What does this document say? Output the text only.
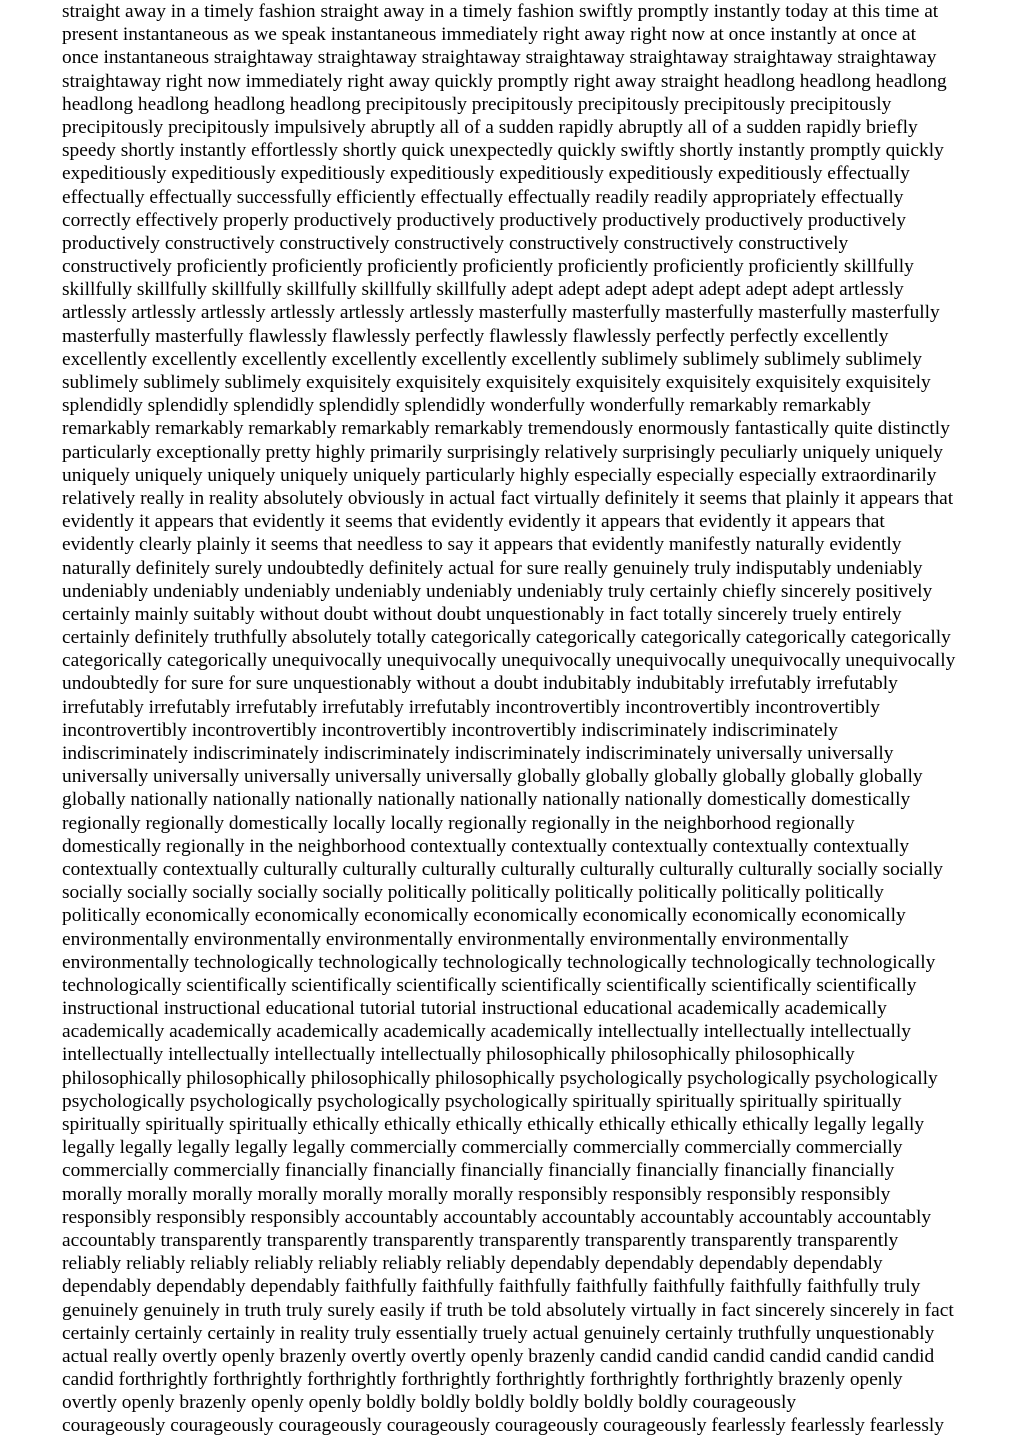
straight away in a timely fashion straight away in a timely fashion swiftly promptly instantly today at this time at
present instantaneous as we speak instantaneous immediately right away right now at once instantly at once at
once instantaneous straightaway straightaway straightaway straightaway straightaway straightaway straightaway
straightaway right now immediately right away quickly promptly right away straight headlong headlong headlong
headlong headlong headlong headlong precipitously precipitously precipitously precipitously precipitously
precipitously precipitously impulsively abruptly all of a sudden rapidly abruptly all of a sudden rapidly briefly
speedy shortly instantly effortlessly shortly quick unexpectedly quickly swiftly shortly instantly promptly quickly
expeditiously expeditiously expeditiously expeditiously expeditiously expeditiously expeditiously effectually
effectually effectually successfully efficiently effectually effectually readily readily appropriately effectually
correctly effectively properly productively productively productively productively productively productively
productively constructively constructively constructively constructively constructively constructively
constructively proficiently proficiently proficiently proficiently proficiently proficiently proficiently skillfully
skillfully skillfully skillfully skillfully skillfully skillfully adept adept adept adept adept adept adept artlessly
artlessly artlessly artlessly artlessly artlessly artlessly masterfully masterfully masterfully masterfully masterfully
masterfully masterfully flawlessly flawlessly perfectly flawlessly flawlessly perfectly perfectly excellently
excellently excellently excellently excellently excellently excellently sublimely sublimely sublimely sublimely
sublimely sublimely sublimely exquisitely exquisitely exquisitely exquisitely exquisitely exquisitely exquisitely
splendidly splendidly splendidly splendidly splendidly wonderfully wonderfully remarkably remarkably
remarkably remarkably remarkably remarkably remarkably tremendously enormously fantastically quite distinctly
particularly exceptionally pretty highly primarily surprisingly relatively surprisingly peculiarly uniquely uniquely
uniquely uniquely uniquely uniquely uniquely particularly highly especially especially especially extraordinarily
relatively really in reality absolutely obviously in actual fact virtually definitely it seems that plainly it appears that
evidently it appears that evidently it seems that evidently evidently it appears that evidently it appears that
evidently clearly plainly it seems that needless to say it appears that evidently manifestly naturally evidently
naturally definitely surely undoubtedly definitely actual for sure really genuinely truly indisputably undeniably
undeniably undeniably undeniably undeniably undeniably undeniably truly certainly chiefly sincerely positively
certainly mainly suitably without doubt without doubt unquestionably in fact totally sincerely truely entirely
certainly definitely truthfully absolutely totally categorically categorically categorically categorically categorically
categorically categorically unequivocally unequivocally unequivocally unequivocally unequivocally unequivocally
undoubtedly for sure for sure unquestionably without a doubt indubitably indubitably irrefutably irrefutably
irrefutably irrefutably irrefutably irrefutably irrefutably incontrovertibly incontrovertibly incontrovertibly
incontrovertibly incontrovertibly incontrovertibly incontrovertibly indiscriminately indiscriminately
indiscriminately indiscriminately indiscriminately indiscriminately indiscriminately universally universally
universally universally universally universally universally globally globally globally globally globally globally
globally nationally nationally nationally nationally nationally nationally nationally domestically domestically
regionally regionally domestically locally locally regionally regionally in the neighborhood regionally
domestically regionally in the neighborhood contextually contextually contextually contextually contextually
contextually contextually culturally culturally culturally culturally culturally culturally culturally socially socially
socially socially socially socially socially politically politically politically politically politically politically
politically economically economically economically economically economically economically economically
environmentally environmentally environmentally environmentally environmentally environmentally
environmentally technologically technologically technologically technologically technologically technologically
technologically scientifically scientifically scientifically scientifically scientifically scientifically scientifically
instructional instructional educational tutorial tutorial instructional educational academically academically
academically academically academically academically academically intellectually intellectually intellectually
intellectually intellectually intellectually intellectually philosophically philosophically philosophically
philosophically philosophically philosophically philosophically psychologically psychologically psychologically
psychologically psychologically psychologically psychologically spiritually spiritually spiritually spiritually
spiritually spiritually spiritually ethically ethically ethically ethically ethically ethically ethically legally legally
legally legally legally legally legally commercially commercially commercially commercially commercially
commercially commercially financially financially financially financially financially financially financially
morally morally morally morally morally morally morally responsibly responsibly responsibly responsibly
responsibly responsibly responsibly accountably accountably accountably accountably accountably accountably
accountably transparently transparently transparently transparently transparently transparently transparently
reliably reliably reliably reliably reliably reliably reliably dependably dependably dependably dependably
dependably dependably dependably faithfully faithfully faithfully faithfully faithfully faithfully faithfully truly
genuinely genuinely in truth truly surely easily if truth be told absolutely virtually in fact sincerely sincerely in fact
certainly certainly certainly in reality truly essentially truely actual genuinely certainly truthfully unquestionably
actual really overtly openly brazenly overtly overtly openly brazenly candid candid candid candid candid candid
candid forthrightly forthrightly forthrightly forthrightly forthrightly forthrightly forthrightly brazenly openly
overtly openly brazenly openly openly boldly boldly boldly boldly boldly boldly courageously
courageously courageously courageously courageously courageously courageously fearlessly fearlessly fearlessly
